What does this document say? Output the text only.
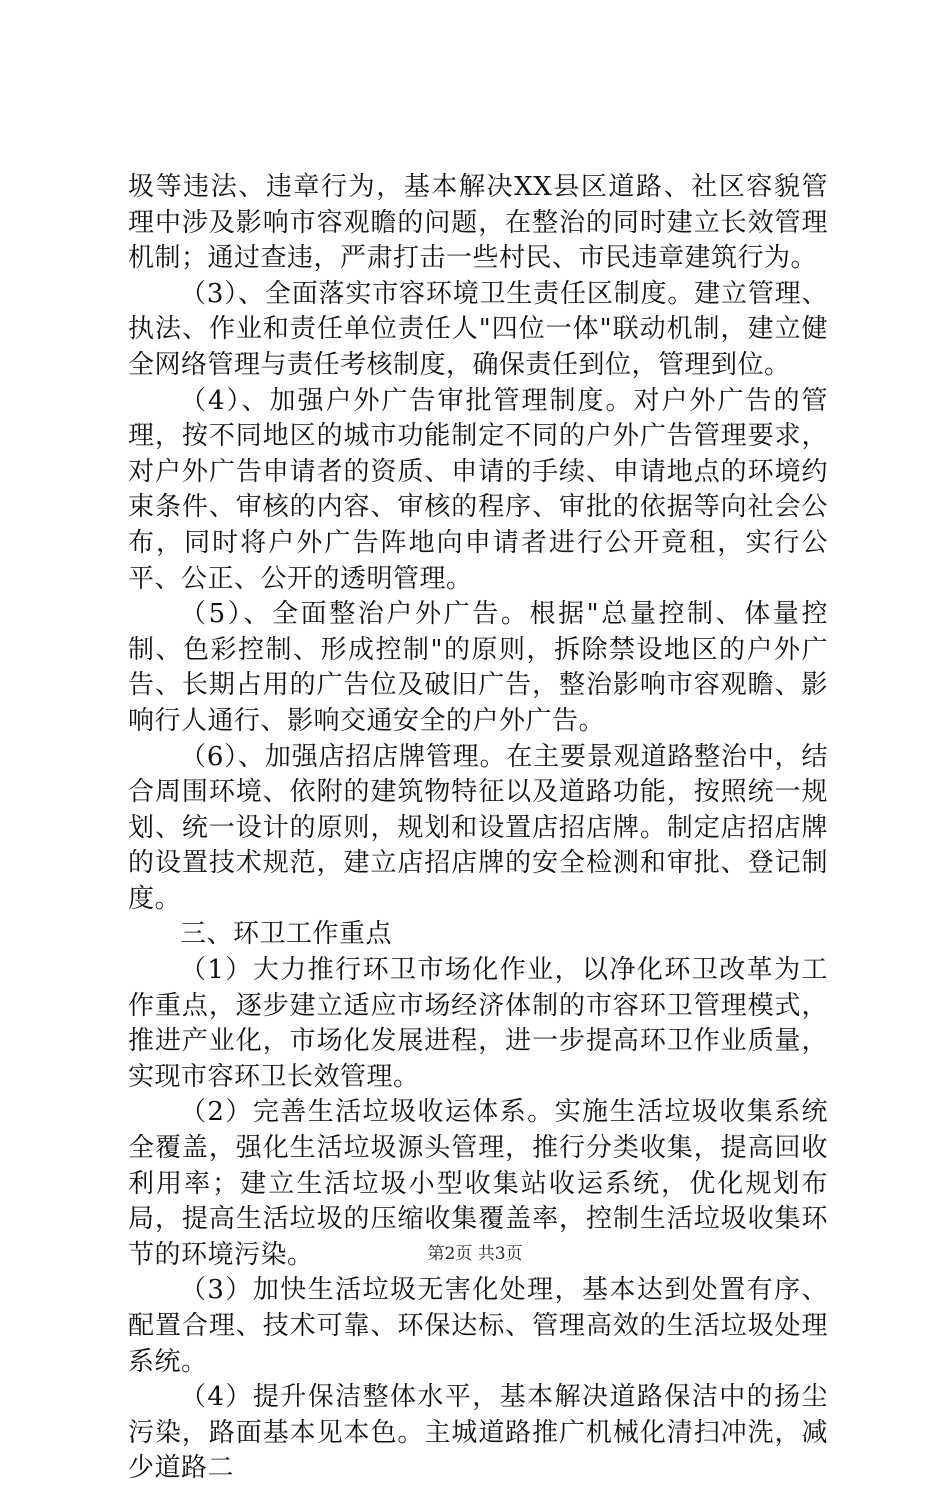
圾等违法、违章行为，基本解决XX县区道路、社区容貌管理中涉及影响市容观瞻的问题，在整治的同时建立长效管理机制；通过查违，严肃打击一些村民、市民违章建筑行为。

（3）、全面落实市容环境卫生责任区制度。建立管理、执法、作业和责任单位责任人"四位一体"联动机制，建立健全网络管理与责任考核制度，确保责任到位，管理到位。

（4）、加强户外广告审批管理制度。对户外广告的管理，按不同地区的城市功能制定不同的户外广告管理要求，对户外广告申请者的资质、申请的手续、申请地点的环境约束条件、审核的内容、审核的程序、审批的依据等向社会公布，同时将户外广告阵地向申请者进行公开竟租，实行公平、公正、公开的透明管理。

（5）、全面整治户外广告。根据"总量控制、体量控制、色彩控制、形成控制"的原则，拆除禁设地区的户外广告、长期占用的广告位及破旧广告，整治影响市容观瞻、影响行人通行、影响交通安全的户外广告。

（6）、加强店招店牌管理。在主要景观道路整治中，结合周围环境、依附的建筑物特征以及道路功能，按照统一规划、统一设计的原则，规划和设置店招店牌。制定店招店牌的设置技术规范，建立店招店牌的安全检测和审批、登记制度。

三、环卫工作重点

（1）大力推行环卫市场化作业，以净化环卫改革为工作重点，逐步建立适应市场经济体制的市容环卫管理模式，推进产业化，市场化发展进程，进一步提高环卫作业质量，实现市容环卫长效管理。

（2）完善生活垃圾收运体系。实施生活垃圾收集系统全覆盖，强化生活垃圾源头管理，推行分类收集，提高回收利用率；建立生活垃圾小型收集站收运系统，优化规划布局，提高生活垃圾的压缩收集覆盖率，控制生活垃圾收集环节的环境污染。

（3）加快生活垃圾无害化处理，基本达到处置有序、配置合理、技术可靠、环保达标、管理高效的生活垃圾处理系统。

（4）提升保洁整体水平，基本解决道路保洁中的扬尘污染，路面基本见本色。主城道路推广机械化清扫冲洗，减少道路二

第2页 共3页
